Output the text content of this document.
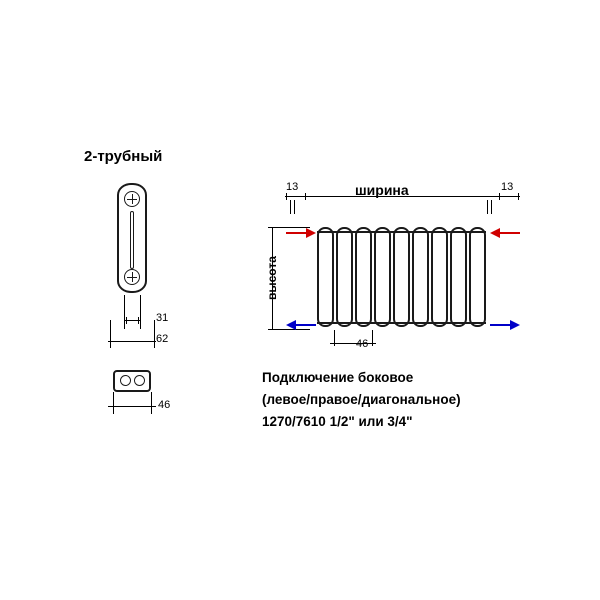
2-трубный
31
62
46
ширина
13	13
высота
46
Подключение боковое
(левое/правое/диагональное)
1270/7610 1/2" или 3/4"
